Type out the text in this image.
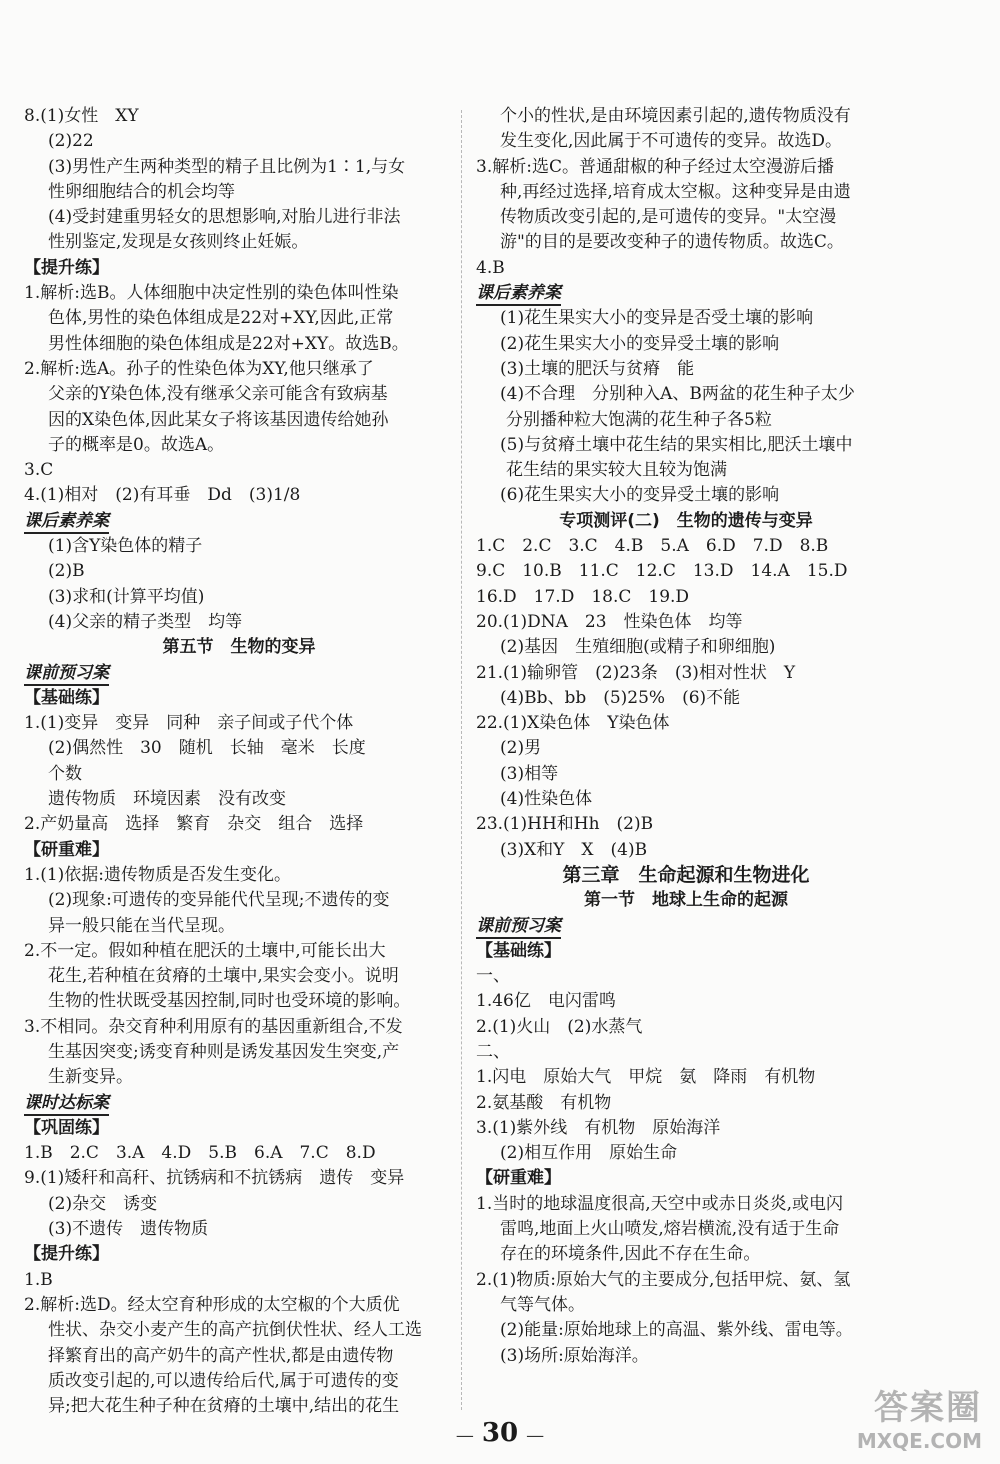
8.(1)女性　XY
(2)22
(3)男性产生两种类型的精子且比例为1∶1,与女
性卵细胞结合的机会均等
(4)受封建重男轻女的思想影响,对胎儿进行非法
性别鉴定,发现是女孩则终止妊娠。
【提升练】
1.解析:选B。人体细胞中决定性别的染色体叫性染
色体,男性的染色体组成是22对+XY,因此,正常
男性体细胞的染色体组成是22对+XY。故选B。
2.解析:选A。孙子的性染色体为XY,他只继承了
父亲的Y染色体,没有继承父亲可能含有致病基
因的X染色体,因此某女子将该基因遗传给她孙
子的概率是0。故选A。
3.C
4.(1)相对　(2)有耳垂　Dd　(3)1/8
课后素养案
(1)含Y染色体的精子
(2)B
(3)求和(计算平均值)
(4)父亲的精子类型　均等
第五节　生物的变异
课前预习案
【基础练】
1.(1)变异　变异　同种　亲子间或子代个体
(2)偶然性　30　随机　长轴　毫米　长度
个数
遗传物质　环境因素　没有改变
2.产奶量高　选择　繁育　杂交　组合　选择
【研重难】
1.(1)依据:遗传物质是否发生变化。
(2)现象:可遗传的变异能代代呈现;不遗传的变
异一般只能在当代呈现。
2.不一定。假如种植在肥沃的土壤中,可能长出大
花生,若种植在贫瘠的土壤中,果实会变小。说明
生物的性状既受基因控制,同时也受环境的影响。
3.不相同。杂交育种利用原有的基因重新组合,不发
生基因突变;诱变育种则是诱发基因发生突变,产
生新变异。
课时达标案
【巩固练】
1.B　2.C　3.A　4.D　5.B　6.A　7.C　8.D
9.(1)矮秆和高秆、抗锈病和不抗锈病　遗传　变异
(2)杂交　诱变
(3)不遗传　遗传物质
【提升练】
1.B
2.解析:选D。经太空育种形成的太空椒的个大质优
性状、杂交小麦产生的高产抗倒伏性状、经人工选
择繁育出的高产奶牛的高产性状,都是由遗传物
质改变引起的,可以遗传给后代,属于可遗传的变
异;把大花生种子种在贫瘠的土壤中,结出的花生
个小的性状,是由环境因素引起的,遗传物质没有
发生变化,因此属于不可遗传的变异。故选D。
3.解析:选C。普通甜椒的种子经过太空漫游后播
种,再经过选择,培育成太空椒。这种变异是由遗
传物质改变引起的,是可遗传的变异。"太空漫
游"的目的是要改变种子的遗传物质。故选C。
4.B
课后素养案
(1)花生果实大小的变异是否受土壤的影响
(2)花生果实大小的变异受土壤的影响
(3)土壤的肥沃与贫瘠　能
(4)不合理　分别种入A、B两盆的花生种子太少
分别播种粒大饱满的花生种子各5粒
(5)与贫瘠土壤中花生结的果实相比,肥沃土壤中
花生结的果实较大且较为饱满
(6)花生果实大小的变异受土壤的影响
专项测评(二)　生物的遗传与变异
1.C　2.C　3.C　4.B　5.A　6.D　7.D　8.B
9.C　10.B　11.C　12.C　13.D　14.A　15.D
16.D　17.D　18.C　19.D
20.(1)DNA　23　性染色体　均等
(2)基因　生殖细胞(或精子和卵细胞)
21.(1)输卵管　(2)23条　(3)相对性状　Y
(4)Bb、bb　(5)25%　(6)不能
22.(1)X染色体　Y染色体
(2)男
(3)相等
(4)性染色体
23.(1)HH和Hh　(2)B
(3)X和Y　X　(4)B
第三章　生命起源和生物进化
第一节　地球上生命的起源
课前预习案
【基础练】
一、
1.46亿　电闪雷鸣
2.(1)火山　(2)水蒸气
二、
1.闪电　原始大气　甲烷　氨　降雨　有机物
2.氨基酸　有机物
3.(1)紫外线　有机物　原始海洋
(2)相互作用　原始生命
【研重难】
1.当时的地球温度很高,天空中或赤日炎炎,或电闪
雷鸣,地面上火山喷发,熔岩横流,没有适于生命
存在的环境条件,因此不存在生命。
2.(1)物质:原始大气的主要成分,包括甲烷、氨、氢
气等气体。
(2)能量:原始地球上的高温、紫外线、雷电等。
(3)场所:原始海洋。
— 30 —
答案圈
MXQE.COM
